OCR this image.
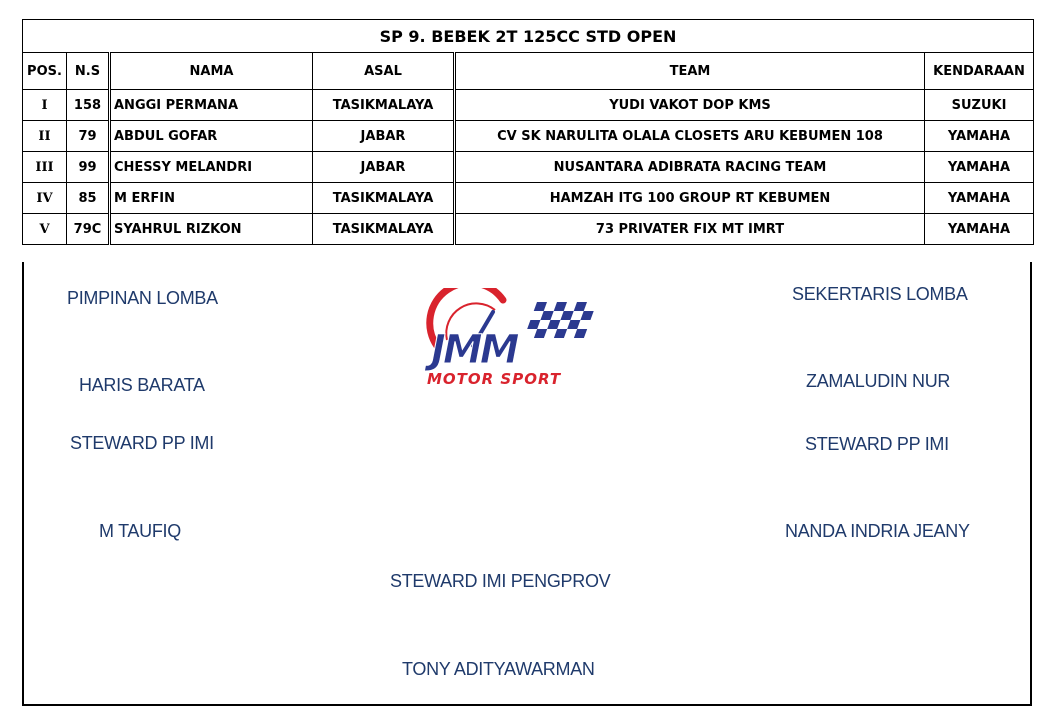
SP 9. BEBEK 2T 125CC STD OPEN					
POS.	N.S	NAMA	ASAL	TEAM	KENDARAAN
I	158	ANGGI PERMANA	TASIKMALAYA	YUDI VAKOT DOP KMS	SUZUKI
II	79	ABDUL GOFAR	JABAR	CV SK NARULITA OLALA CLOSETS ARU KEBUMEN 108	YAMAHA
III	99	CHESSY MELANDRI	JABAR	NUSANTARA ADIBRATA RACING TEAM	YAMAHA
IV	85	M ERFIN	TASIKMALAYA	HAMZAH ITG 100 GROUP RT KEBUMEN	YAMAHA
V	79C	SYAHRUL RIZKON	TASIKMALAYA	73 PRIVATER FIX MT IMRT	YAMAHA
PIMPINAN LOMBA
HARIS BARATA
STEWARD PP IMI
M TAUFIQ
SEKERTARIS LOMBA
ZAMALUDIN NUR
STEWARD PP IMI
NANDA INDRIA JEANY
STEWARD IMI PENGPROV
TONY ADITYAWARMAN
JMM
MOTOR SPORT
